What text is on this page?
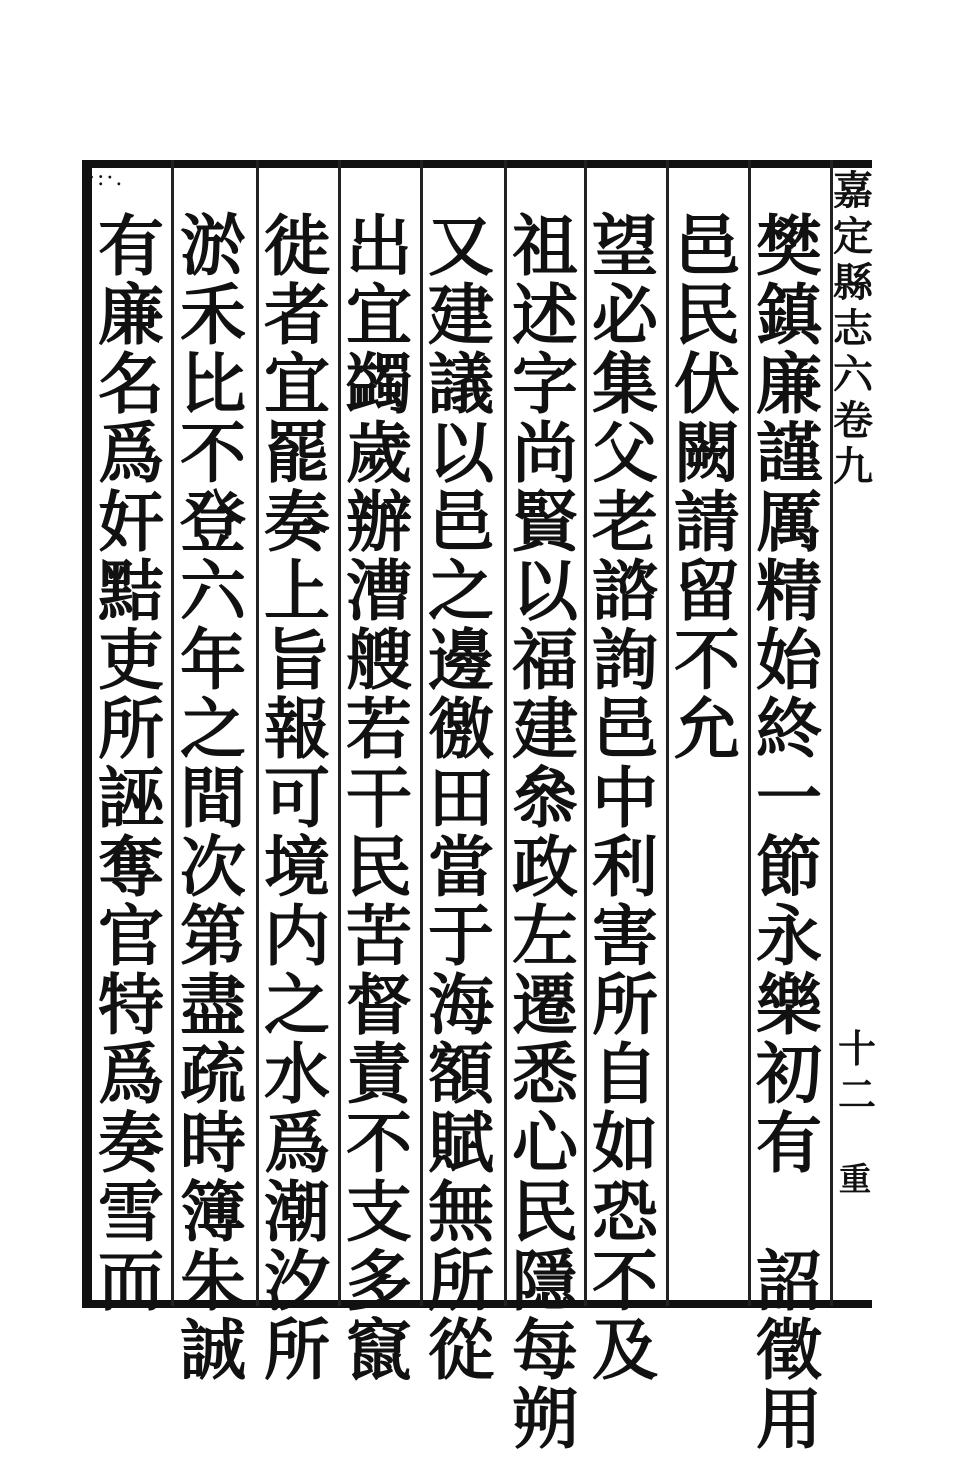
·:·.	嘉定縣志六卷九
十二
重
樊
鎮
廉
謹
厲
精
始
終
一
節
永
樂
初
有

詔
徵
用
邑
民
伏
闕
請
留
不
允
望
必
集
父
老
諮
詢
邑
中
利
害
所
自
如
恐
不
及
祖
述
字
尚
賢
以
福
建
叅
政
左
遷
悉
心
民
隱
每
朔
又
建
議
以
邑
之
邊
徼
田
當
于
海
額
賦
無
所
從
出
宜
蠲
歲
辦
漕
艘
若
干
民
苦
督
責
不
支
多
竄
徙
者
宜
罷
奏
上
旨
報
可
境
内
之
水
爲
潮
汐
所
淤
禾
比
不
登
六
年
之
間
次
第
盡
疏
時
簿
朱
誠
有
廉
名
爲
奸
黠
吏
所
誣
奪
官
特
爲
奏
雪
而
